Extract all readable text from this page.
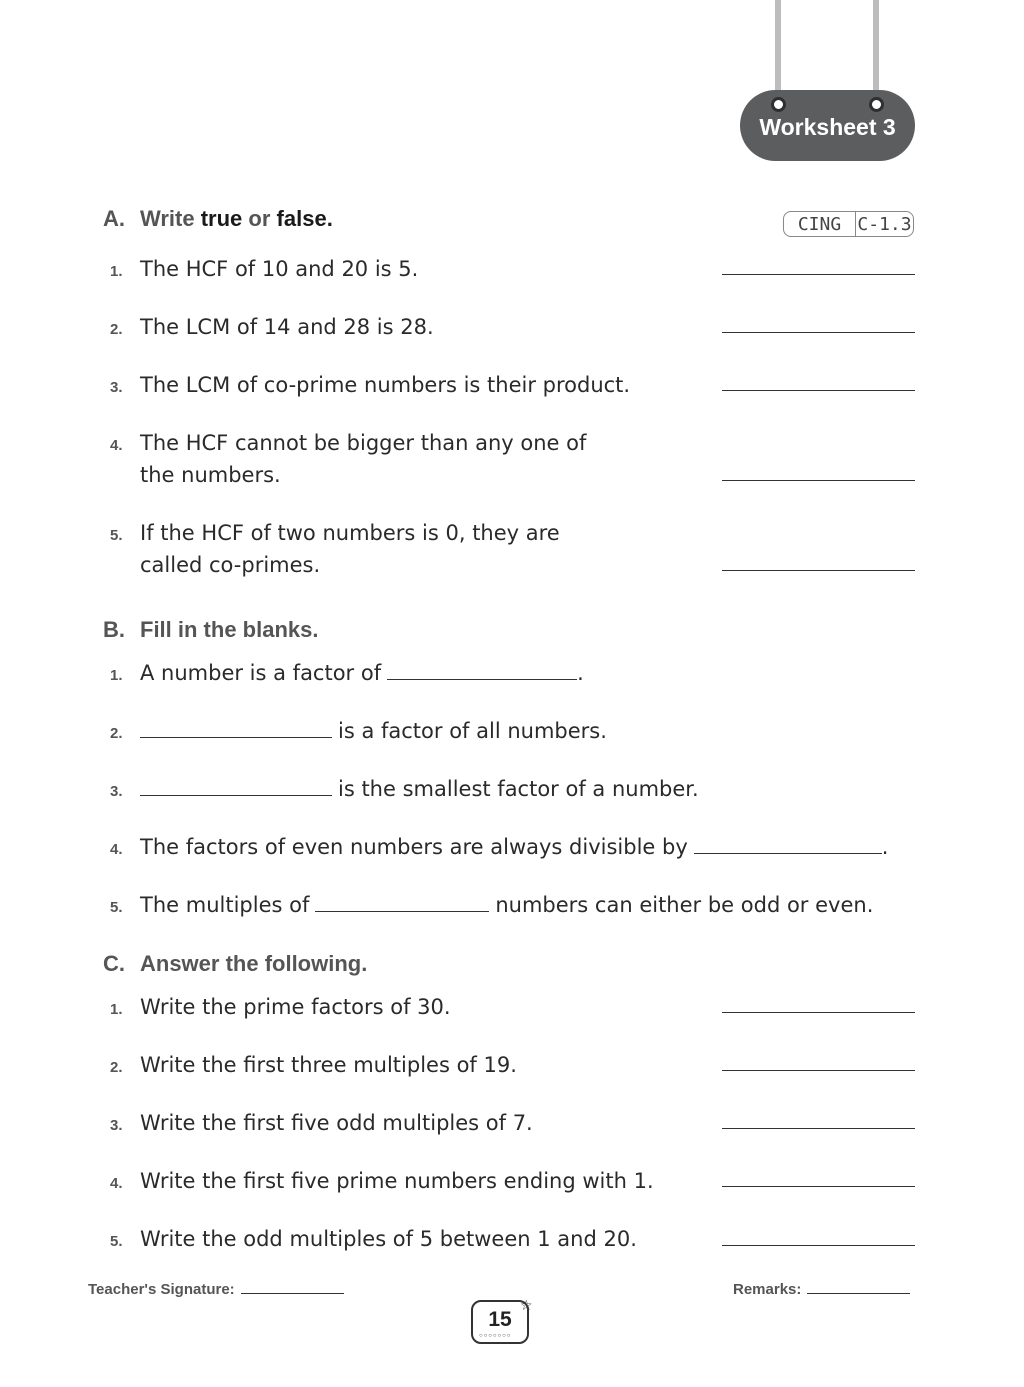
Worksheet 3
A. Write true or false.	CING C-1.3
1. The HCF of 10 and 20 is 5.
2. The LCM of 14 and 28 is 28.
3. The LCM of co-prime numbers is their product.
4. The HCF cannot be bigger than any one of
the numbers.
5. If the HCF of two numbers is 0, they are
called co-primes.
B. Fill in the blanks.
1. A number is a factor of	.
2.	is a factor of all numbers.
3.	is the smallest factor of a number.
4. The factors of even numbers are always divisible by	.
5. The multiples of	numbers can either be odd or even.
C. Answer the following.
1. Write the prime factors of 30.
2. Write the first three multiples of 19.
3. Write the first five odd multiples of 7.
4. Write the first five prime numbers ending with 1.
5. Write the odd multiples of 5 between 1 and 20.
Teacher's Signature:	Remarks:
15
○○○○○○○
☆
